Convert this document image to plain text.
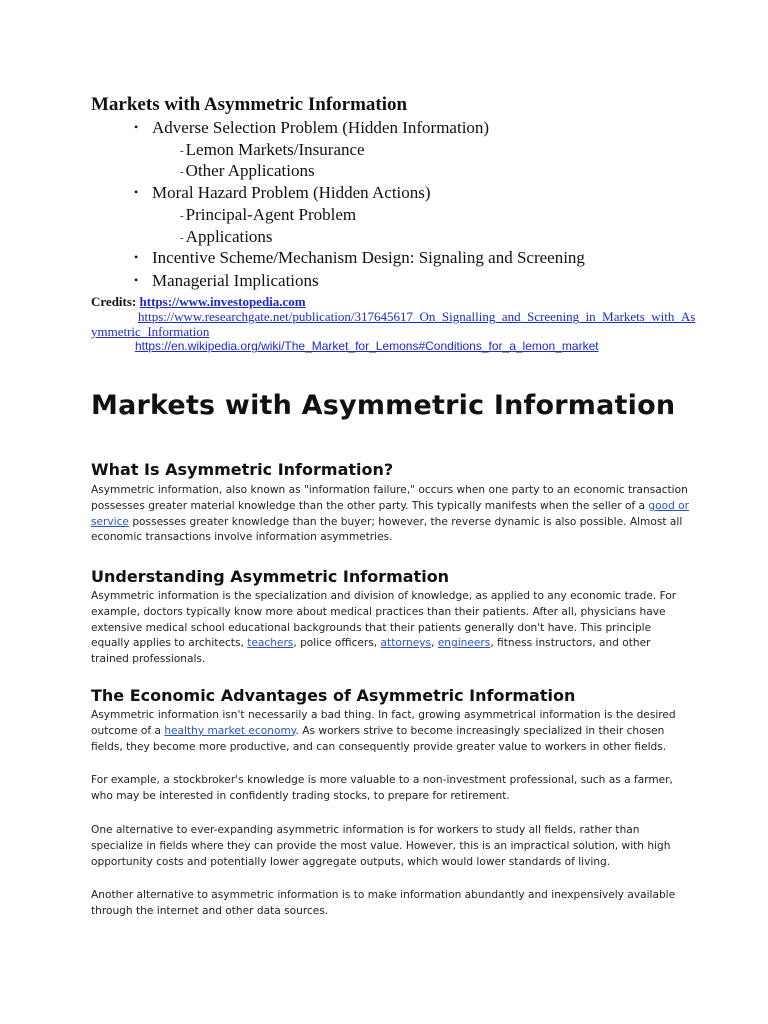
Markets with Asymmetric Information
• Adverse Selection Problem (Hidden Information)
- Lemon Markets/Insurance
- Other Applications
• Moral Hazard Problem (Hidden Actions)
- Principal-Agent Problem
- Applications
• Incentive Scheme/Mechanism Design: Signaling and Screening
• Managerial Implications
Credits: https://www.investopedia.com

https://www.researchgate.net/publication/317645617_On_Signalling_and_Screening_in_Markets_with_As
ymmetric_Information
https://en.wikipedia.org/wiki/The_Market_for_Lemons#Conditions_for_a_lemon_market
Markets with Asymmetric Information
What Is Asymmetric Information?
Asymmetric information, also known as "information failure," occurs when one party to an economic transaction possesses greater material knowledge than the other party. This typically manifests when the seller of a good or service possesses greater knowledge than the buyer; however, the reverse dynamic is also possible. Almost all economic transactions involve information asymmetries.
Understanding Asymmetric Information
Asymmetric information is the specialization and division of knowledge, as applied to any economic trade. For example, doctors typically know more about medical practices than their patients. After all, physicians have extensive medical school educational backgrounds that their patients generally don't have. This principle equally applies to architects, teachers, police officers, attorneys, engineers, fitness instructors, and other trained professionals.
The Economic Advantages of Asymmetric Information
Asymmetric information isn't necessarily a bad thing. In fact, growing asymmetrical information is the desired outcome of a healthy market economy. As workers strive to become increasingly specialized in their chosen fields, they become more productive, and can consequently provide greater value to workers in other fields.
For example, a stockbroker's knowledge is more valuable to a non-investment professional, such as a farmer, who may be interested in confidently trading stocks, to prepare for retirement.
One alternative to ever-expanding asymmetric information is for workers to study all fields, rather than specialize in fields where they can provide the most value. However, this is an impractical solution, with high opportunity costs and potentially lower aggregate outputs, which would lower standards of living.
Another alternative to asymmetric information is to make information abundantly and inexpensively available through the internet and other data sources.
